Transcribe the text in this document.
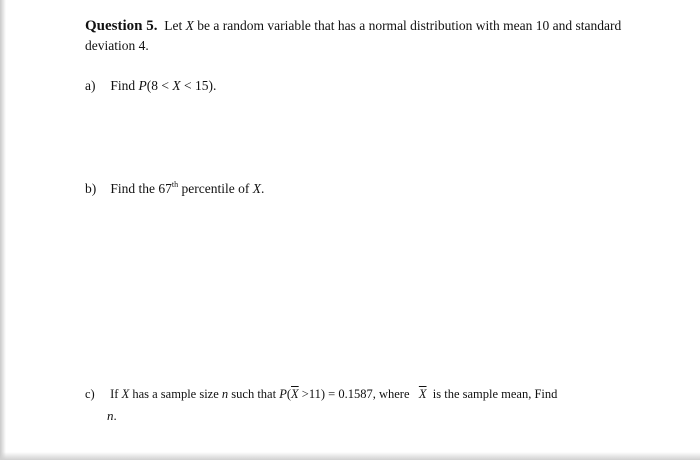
Question 5. Let X be a random variable that has a normal distribution with mean 10 and standard deviation 4.
a) Find P(8 < X < 15).
b) Find the 67th percentile of X.
c) If X has a sample size n such that $P(\overline{X} >11) = 0.1587$, where   $\overline{X}$  is the sample mean, Find
n.
